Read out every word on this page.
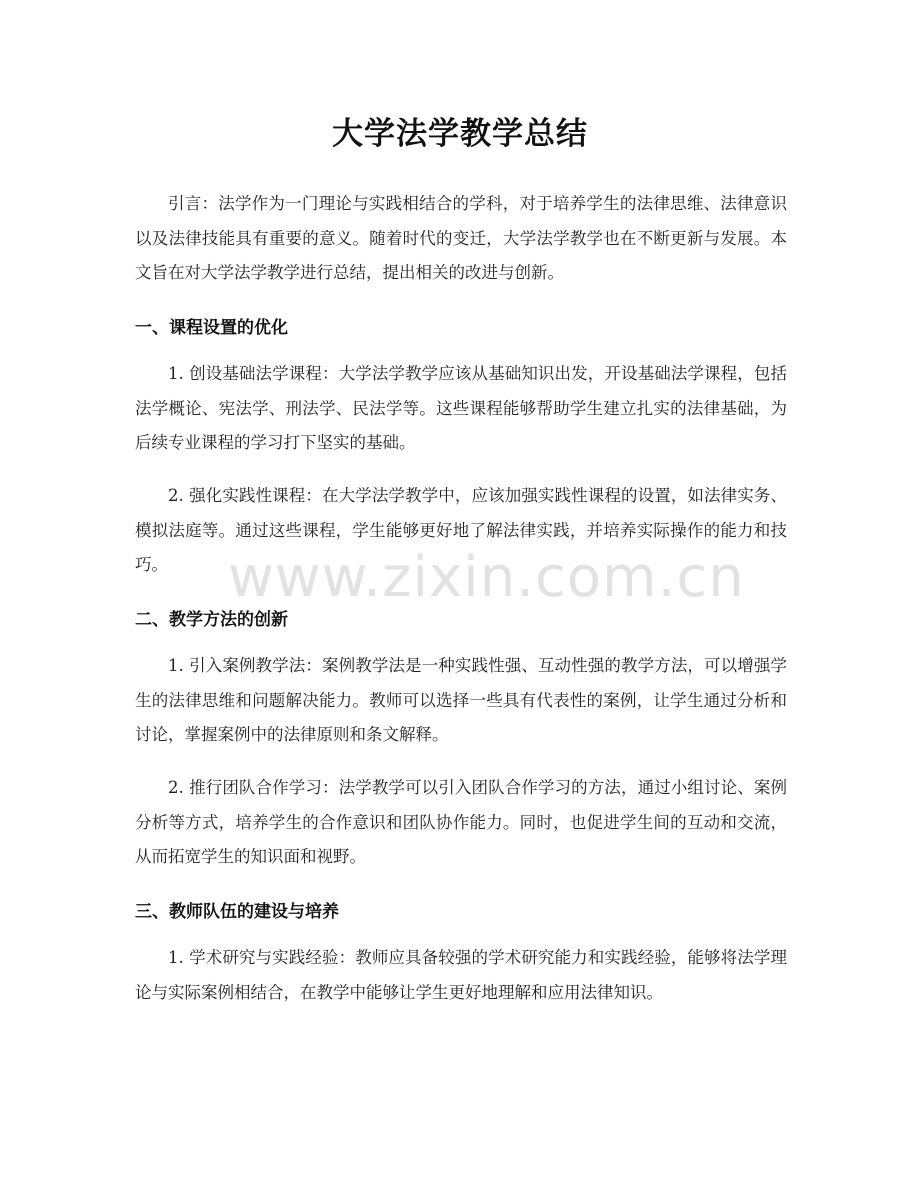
大学法学教学总结
引言：法学作为一门理论与实践相结合的学科，对于培养学生的法律思维、法律意识以及法律技能具有重要的意义。随着时代的变迁，大学法学教学也在不断更新与发展。本文旨在对大学法学教学进行总结，提出相关的改进与创新。
一、课程设置的优化
1. 创设基础法学课程：大学法学教学应该从基础知识出发，开设基础法学课程，包括法学概论、宪法学、刑法学、民法学等。这些课程能够帮助学生建立扎实的法律基础，为后续专业课程的学习打下坚实的基础。
2. 强化实践性课程：在大学法学教学中，应该加强实践性课程的设置，如法律实务、模拟法庭等。通过这些课程，学生能够更好地了解法律实践，并培养实际操作的能力和技巧。
二、教学方法的创新
1. 引入案例教学法：案例教学法是一种实践性强、互动性强的教学方法，可以增强学生的法律思维和问题解决能力。教师可以选择一些具有代表性的案例，让学生通过分析和讨论，掌握案例中的法律原则和条文解释。
2. 推行团队合作学习：法学教学可以引入团队合作学习的方法，通过小组讨论、案例分析等方式，培养学生的合作意识和团队协作能力。同时，也促进学生间的互动和交流，从而拓宽学生的知识面和视野。
三、教师队伍的建设与培养
1. 学术研究与实践经验：教师应具备较强的学术研究能力和实践经验，能够将法学理论与实际案例相结合，在教学中能够让学生更好地理解和应用法律知识。
www.zixin.com.cn
